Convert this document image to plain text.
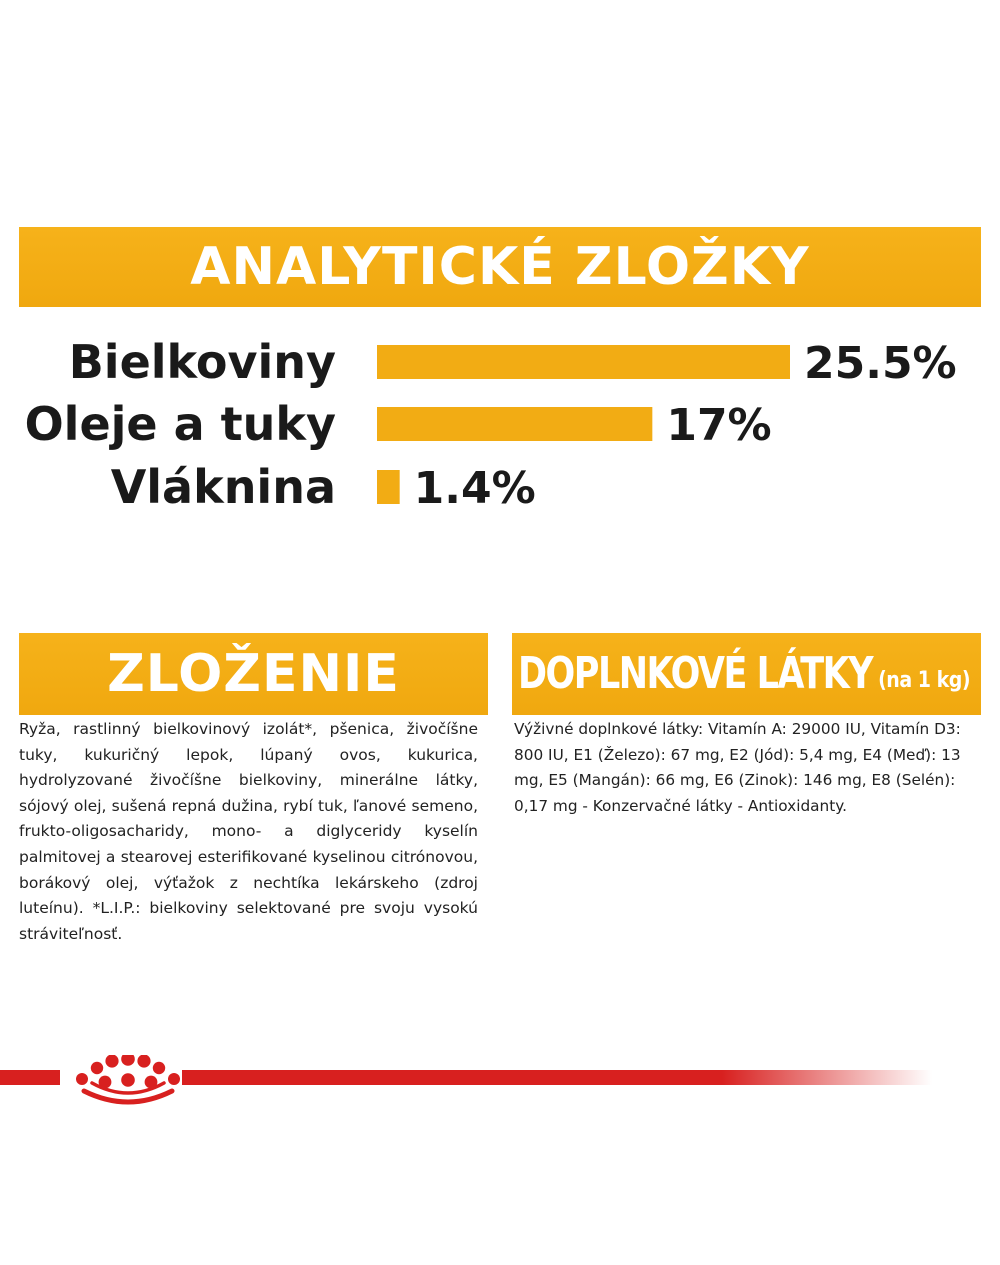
ANALYTICKÉ ZLOŽKY
Bielkoviny	25.5%
Oleje a tuky	17%
Vláknina 1.4%
ZLOŽENIE

Ryža, rastlinný bielkovinový izolát*, pšenica, živočíšne tuky, kukuričný lepok, lúpaný ovos, kukurica, hydrolyzované živočíšne bielkoviny, minerálne látky, sójový olej, sušená repná dužina, rybí tuk, ľanové semeno, frukto-oligosacharidy, mono- a diglyceridy kyselín palmitovej a stearovej esterifikované kyselinou citrónovou, borákový olej, výťažok z nechtíka lekárskeho (zdroj luteínu). *L.I.P.: bielkoviny selektované pre svoju vysokú stráviteľnosť.

DOPLNKOVÉ LÁTKY (na 1 kg)

Výživné doplnkové látky: Vitamín A: 29000 IU, Vitamín D3: 800 IU, E1 (Železo): 67 mg, E2 (Jód): 5,4 mg, E4 (Meď): 13 mg, E5 (Mangán): 66 mg, E6 (Zinok): 146 mg, E8 (Selén): 0,17 mg - Konzervačné látky - Antioxidanty.
